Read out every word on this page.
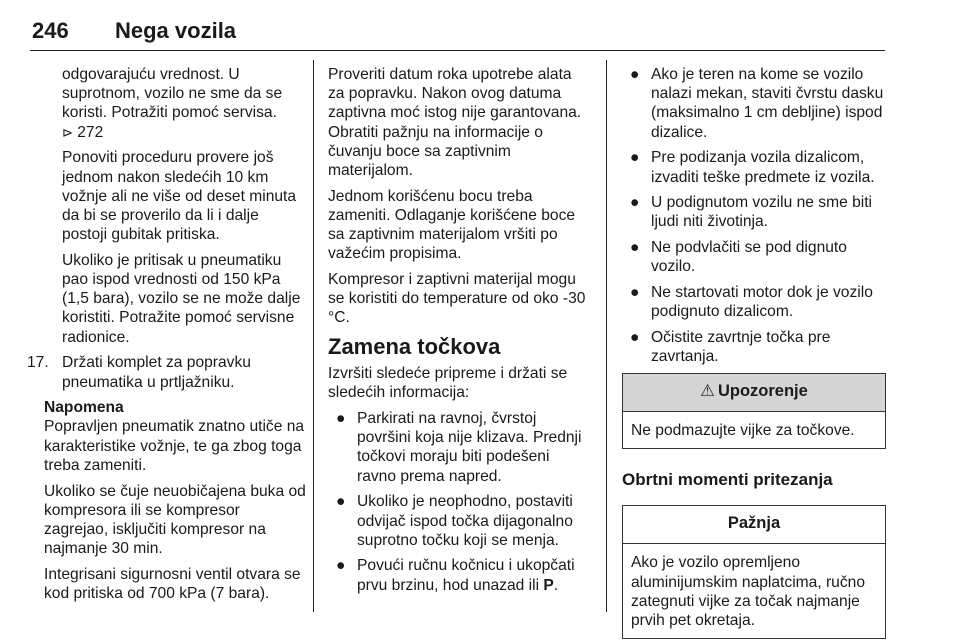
246 Nega vozila

odgovarajuću vrednost. U suprotnom, vozilo ne sme da se koristi. Potražiti pomoć servisa.
⊳ 272

Ponoviti proceduru provere još jednom nakon sledećih 10 km vožnje ali ne više od deset minuta da bi se proverilo da li i dalje postoji gubitak pritiska.

Ukoliko je pritisak u pneumatiku pao ispod vrednosti od 150 kPa (1,5 bara), vozilo se ne može dalje koristiti. Potražite pomoć servisne radionice.

17. Držati komplet za popravku pneumatika u prtljažniku.

Napomena

Popravljen pneumatik znatno utiče na karakteristike vožnje, te ga zbog toga treba zameniti.

Ukoliko se čuje neuobičajena buka od kompresora ili se kompresor zagrejao, isključiti kompresor na najmanje 30 min.

Integrisani sigurnosni ventil otvara se kod pritiska od 700 kPa (7 bara).

Proveriti datum roka upotrebe alata za popravku. Nakon ovog datuma zaptivna moć istog nije garantovana. Obratiti pažnju na informacije o čuvanju boce sa zaptivnim materijalom.

Jednom korišćenu bocu treba zameniti. Odlaganje korišćene boce sa zaptivnim materijalom vršiti po važećim propisima.

Kompresor i zaptivni materijal mogu se koristiti do temperature od oko -30 °C.

Zamena točkova

Izvršiti sledeće pripreme i držati se sledećih informacija:

● Parkirati na ravnoj, čvrstoj površini koja nije klizava. Prednji točkovi moraju biti podešeni ravno prema napred.
● Ukoliko je neophodno, postaviti odvijač ispod točka dijagonalno suprotno točku koji se menja.
● Povući ručnu kočnicu i ukopčati prvu brzinu, hod unazad ili P.
● Ako je teren na kome se vozilo nalazi mekan, staviti čvrstu dasku (maksimalno 1 cm debljine) ispod dizalice.
● Pre podizanja vozila dizalicom, izvaditi teške predmete iz vozila.
● U podignutom vozilu ne sme biti ljudi niti životinja.
● Ne podvlačiti se pod dignuto vozilo.
● Ne startovati motor dok je vozilo podignuto dizalicom.
● Očistite zavrtnje točka pre zavrtanja.
⚠ Upozorenje
Ne podmazujte vijke za točkove.

Obrtni momenti pritezanja

Pažnja
Ako je vozilo opremljeno aluminijumskim naplatcima, ručno zategnuti vijke za točak najmanje prvih pet okretaja.
